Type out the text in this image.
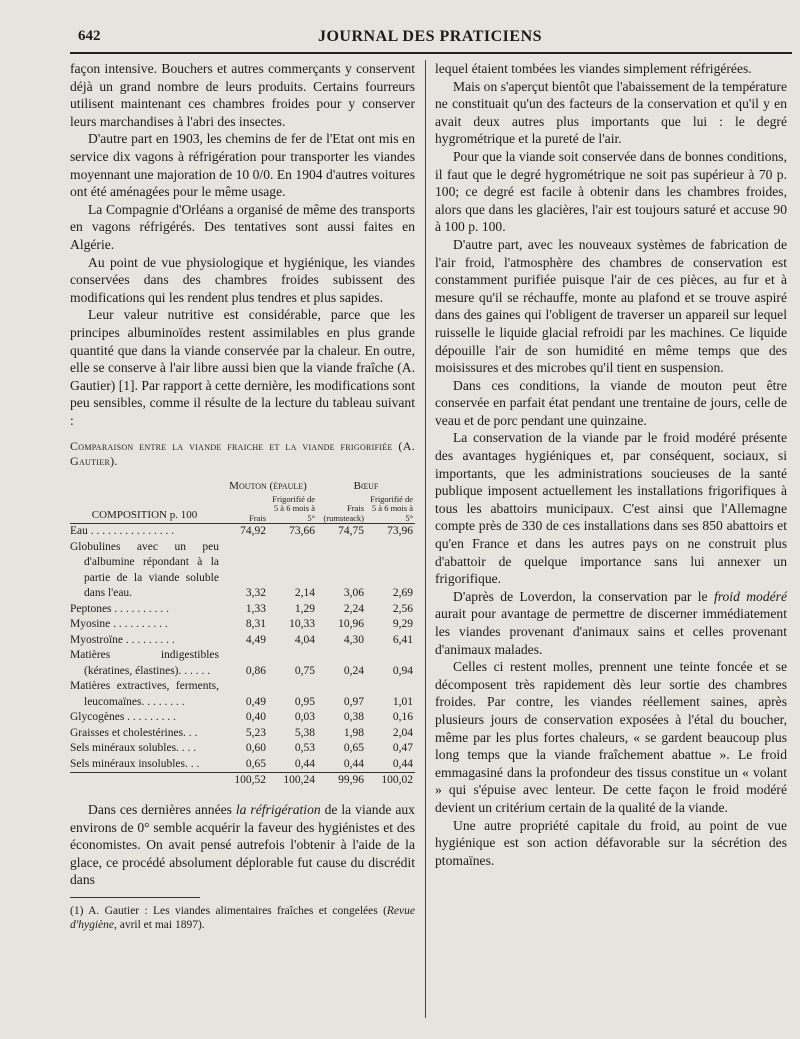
642	JOURNAL DES PRATICIENS

façon intensive. Bouchers et autres commerçants y conservent déjà un grand nombre de leurs produits. Certains fourreurs utilisent maintenant ces chambres froides pour y conserver leurs marchandises à l'abri des insectes.

D'autre part en 1903, les chemins de fer de l'Etat ont mis en service dix vagons à réfrigération pour transporter les viandes moyennant une majoration de 10 0/0. En 1904 d'autres voitures ont été aménagées pour le même usage.

La Compagnie d'Orléans a organisé de même des transports en vagons réfrigérés. Des tentatives sont aussi faites en Algérie.

Au point de vue physiologique et hygiénique, les viandes conservées dans des chambres froides subissent des modifications qui les rendent plus tendres et plus sapides.

Leur valeur nutritive est considérable, parce que les principes albuminoïdes restent assimilables en plus grande quantité que dans la viande conservée par la chaleur. En outre, elle se conserve à l'air libre aussi bien que la viande fraîche (A. Gautier) [1]. Par rapport à cette dernière, les modifications sont peu sensibles, comme il résulte de la lecture du tableau suivant :

Comparaison entre la viande fraiche et la viande frigorifiée (A. Gautier).
	Mouton (épaule)		Bœuf	
COMPOSITION p. 100	Frais	Frigorifié de 5 à 6 mois à 5°	Frais (rumsteack)	Frigorifié de 5 à 6 mois à 5°
Eau . . . . . . . . . . . . . . .	74,92	73,66	74,75	73,96
Globulines avec un peu d'albumine répondant à la partie de la viande soluble dans l'eau.	3,32	2,14	3,06	2,69
Peptones . . . . . . . . . .	1,33	1,29	2,24	2,56
Myosine . . . . . . . . . .	8,31	10,33	10,96	9,29
Myostroïne . . . . . . . . .	4,49	4,04	4,30	6,41
Matières indigestibles (kératines, élastines). . . . . .	0,86	0,75	0,24	0,94
Matières extractives, ferments, leucomaïnes. . . . . . . .	0,49	0,95	0,97	1,01
Glycogènes . . . . . . . . .	0,40	0,03	0,38	0,16
Graisses et cholestérines. . .	5,23	5,38	1,98	2,04
Sels minéraux solubles. . . .	0,60	0,53	0,65	0,47
Sels minéraux insolubles. . .	0,65	0,44	0,44	0,44
	100,52	100,24	99,96	100,02

Dans ces dernières années la réfrigération de la viande aux environs de 0° semble acquérir la faveur des hygiénistes et des économistes. On avait pensé autrefois l'obtenir à l'aide de la glace, ce procédé absolument déplorable fut cause du discrédit dans

(1) A. Gautier : Les viandes alimentaires fraîches et congelées (Revue d'hygiène, avril et mai 1897).

lequel étaient tombées les viandes simplement réfrigérées.

Mais on s'aperçut bientôt que l'abaissement de la température ne constituait qu'un des facteurs de la conservation et qu'il y en avait deux autres plus importants que lui : le degré hygrométrique et la pureté de l'air.

Pour que la viande soit conservée dans de bonnes conditions, il faut que le degré hygrométrique ne soit pas supérieur à 70 p. 100; ce degré est facile à obtenir dans les chambres froides, alors que dans les glacières, l'air est toujours saturé et accuse 90 à 100 p. 100.

D'autre part, avec les nouveaux systèmes de fabrication de l'air froid, l'atmosphère des chambres de conservation est constamment purifiée puisque l'air de ces pièces, au fur et à mesure qu'il se réchauffe, monte au plafond et se trouve aspiré dans des gaines qui l'obligent de traverser un appareil sur lequel ruisselle le liquide glacial refroidi par les machines. Ce liquide dépouille l'air de son humidité en même temps que des moisissures et des microbes qu'il tient en suspension.

Dans ces conditions, la viande de mouton peut être conservée en parfait état pendant une trentaine de jours, celle de veau et de porc pendant une quinzaine.

La conservation de la viande par le froid modéré présente des avantages hygiéniques et, par conséquent, sociaux, si importants, que les administrations soucieuses de la santé publique imposent actuellement les installations frigorifiques à tous les abattoirs municipaux. C'est ainsi que l'Allemagne compte près de 330 de ces installations dans ses 850 abattoirs et qu'en France et dans les autres pays on ne construit plus d'abattoir de quelque importance sans lui annexer un frigorifique.

D'après de Loverdon, la conservation par le froid modéré aurait pour avantage de permettre de discerner immédiatement les viandes provenant d'animaux sains et celles provenant d'animaux malades.

Celles ci restent molles, prennent une teinte foncée et se décomposent très rapidement dès leur sortie des chambres froides. Par contre, les viandes réellement saines, après plusieurs jours de conservation exposées à l'étal du boucher, même par les plus fortes chaleurs, « se gardent beaucoup plus long temps que la viande fraîchement abattue ». Le froid emmagasiné dans la profondeur des tissus constitue un « volant » qui s'épuise avec lenteur. De cette façon le froid modéré devient un critérium certain de la qualité de la viande.

Une autre propriété capitale du froid, au point de vue hygiénique est son action défavorable sur la sécrétion des ptomaïnes.
